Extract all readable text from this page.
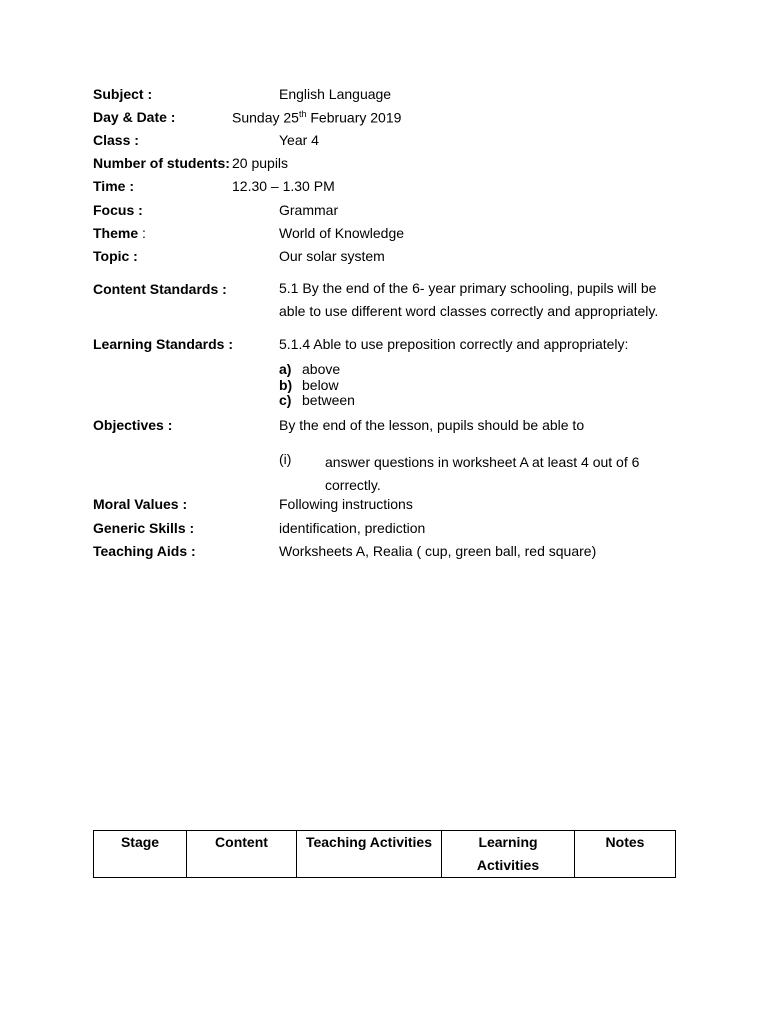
Subject :	English Language
Day & Date :	Sunday 25th February 2019
Class :	Year 4
Number of students: 20 pupils
Time :	12.30 – 1.30 PM
Focus :	Grammar
Theme :	World of Knowledge
Topic :	Our solar system
Content Standards :	5.1 By the end of the 6- year primary schooling, pupils will be able to use different word classes correctly and appropriately.
Learning Standards :	5.1.4 Able to use preposition correctly and appropriately:
a) above
b) below
c) between
Objectives :	By the end of the lesson, pupils should be able to
(i) answer questions in worksheet A at least 4 out of 6 correctly.
Moral Values :	Following instructions
Generic Skills :	identification, prediction
Teaching Aids :	Worksheets A, Realia ( cup, green ball, red square)
Stage	Content	Teaching Activities	Learning Activities	Notes
